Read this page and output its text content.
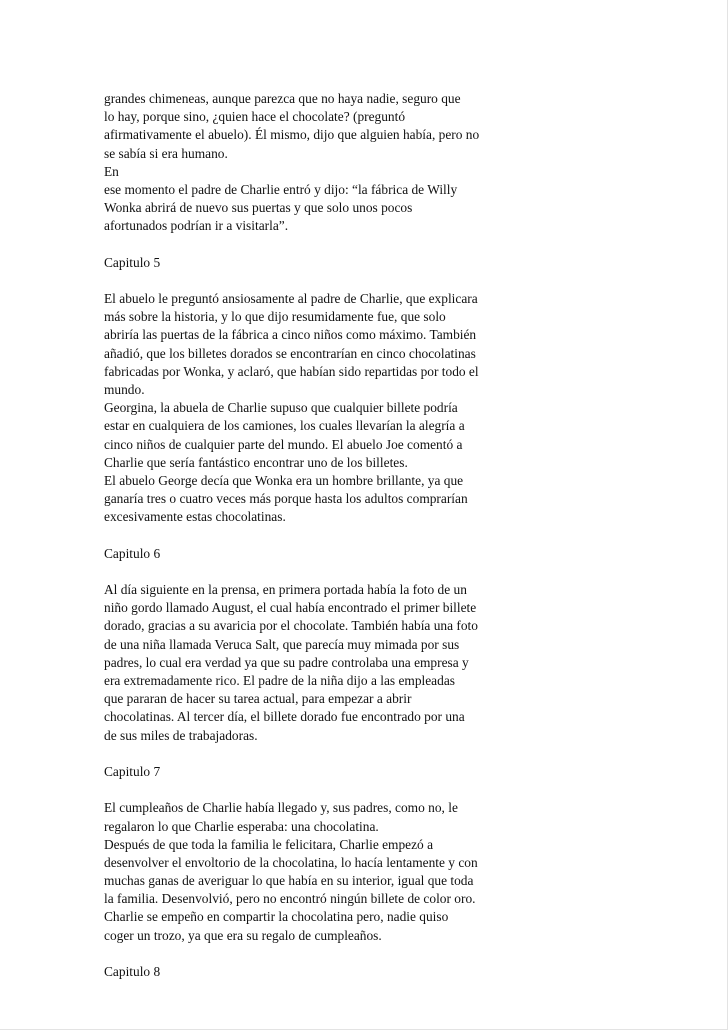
grandes chimeneas, aunque parezca que no haya nadie, seguro que
lo hay, porque sino, ¿quien hace el chocolate? (preguntó
afirmativamente el abuelo). Él mismo, dijo que alguien había, pero no
se sabía si era humano.
En
ese momento el padre de Charlie entró y dijo: “la fábrica de Willy
Wonka abrirá de nuevo sus puertas y que solo unos pocos
afortunados podrían ir a visitarla”.
Capitulo 5
El abuelo le preguntó ansiosamente al padre de Charlie, que explicara
más sobre la historia, y lo que dijo resumidamente fue, que solo
abriría las puertas de la fábrica a cinco niños como máximo. También
añadió, que los billetes dorados se encontrarían en cinco chocolatinas
fabricadas por Wonka, y aclaró, que habían sido repartidas por todo el
mundo.
Georgina, la abuela de Charlie supuso que cualquier billete podría
estar en cualquiera de los camiones, los cuales llevarían la alegría a
cinco niños de cualquier parte del mundo. El abuelo Joe comentó a
Charlie que sería fantástico encontrar uno de los billetes.
El abuelo George decía que Wonka era un hombre brillante, ya que
ganaría tres o cuatro veces más porque hasta los adultos comprarían
excesivamente estas chocolatinas.
Capitulo 6
Al día siguiente en la prensa, en primera portada había la foto de un
niño gordo llamado August, el cual había encontrado el primer billete
dorado, gracias a su avaricia por el chocolate. También había una foto
de una niña llamada Veruca Salt, que parecía muy mimada por sus
padres, lo cual era verdad ya que su padre controlaba una empresa y
era extremadamente rico. El padre de la niña dijo a las empleadas
que pararan de hacer su tarea actual, para empezar a abrir
chocolatinas. Al tercer día, el billete dorado fue encontrado por una
de sus miles de trabajadoras.
Capitulo 7
El cumpleaños de Charlie había llegado y, sus padres, como no, le
regalaron lo que Charlie esperaba: una chocolatina.
Después de que toda la familia le felicitara, Charlie empezó a
desenvolver el envoltorio de la chocolatina, lo hacía lentamente y con
muchas ganas de averiguar lo que había en su interior, igual que toda
la familia. Desenvolvió, pero no encontró ningún billete de color oro.
Charlie se empeño en compartir la chocolatina pero, nadie quiso
coger un trozo, ya que era su regalo de cumpleaños.
Capitulo 8
